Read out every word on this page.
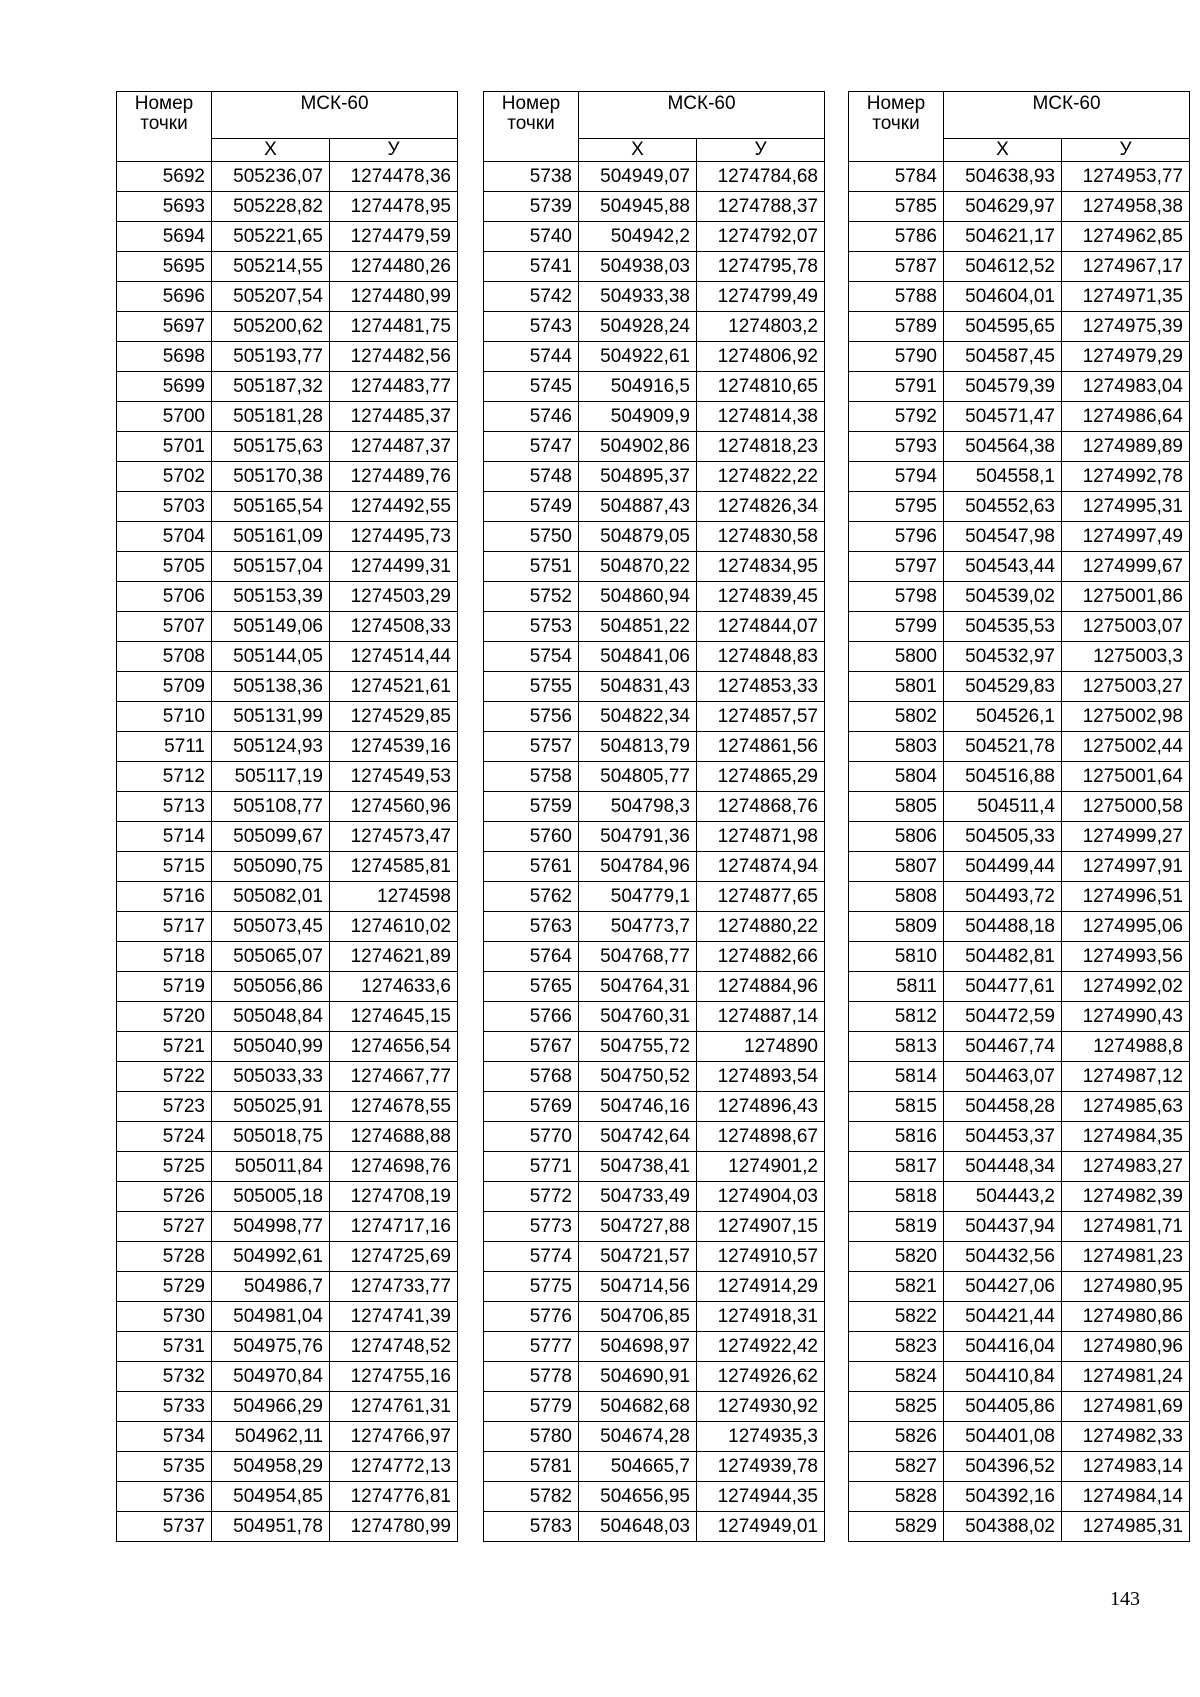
Номер точки	МСК-60	
	Х	У
5692	505236,07	1274478,36
5693	505228,82	1274478,95
5694	505221,65	1274479,59
5695	505214,55	1274480,26
5696	505207,54	1274480,99
5697	505200,62	1274481,75
5698	505193,77	1274482,56
5699	505187,32	1274483,77
5700	505181,28	1274485,37
5701	505175,63	1274487,37
5702	505170,38	1274489,76
5703	505165,54	1274492,55
5704	505161,09	1274495,73
5705	505157,04	1274499,31
5706	505153,39	1274503,29
5707	505149,06	1274508,33
5708	505144,05	1274514,44
5709	505138,36	1274521,61
5710	505131,99	1274529,85
5711	505124,93	1274539,16
5712	505117,19	1274549,53
5713	505108,77	1274560,96
5714	505099,67	1274573,47
5715	505090,75	1274585,81
5716	505082,01	1274598
5717	505073,45	1274610,02
5718	505065,07	1274621,89
5719	505056,86	1274633,6
5720	505048,84	1274645,15
5721	505040,99	1274656,54
5722	505033,33	1274667,77
5723	505025,91	1274678,55
5724	505018,75	1274688,88
5725	505011,84	1274698,76
5726	505005,18	1274708,19
5727	504998,77	1274717,16
5728	504992,61	1274725,69
5729	504986,7	1274733,77
5730	504981,04	1274741,39
5731	504975,76	1274748,52
5732	504970,84	1274755,16
5733	504966,29	1274761,31
5734	504962,11	1274766,97
5735	504958,29	1274772,13
5736	504954,85	1274776,81
5737	504951,78	1274780,99
Номер точки	МСК-60	
	Х	У
5738	504949,07	1274784,68
5739	504945,88	1274788,37
5740	504942,2	1274792,07
5741	504938,03	1274795,78
5742	504933,38	1274799,49
5743	504928,24	1274803,2
5744	504922,61	1274806,92
5745	504916,5	1274810,65
5746	504909,9	1274814,38
5747	504902,86	1274818,23
5748	504895,37	1274822,22
5749	504887,43	1274826,34
5750	504879,05	1274830,58
5751	504870,22	1274834,95
5752	504860,94	1274839,45
5753	504851,22	1274844,07
5754	504841,06	1274848,83
5755	504831,43	1274853,33
5756	504822,34	1274857,57
5757	504813,79	1274861,56
5758	504805,77	1274865,29
5759	504798,3	1274868,76
5760	504791,36	1274871,98
5761	504784,96	1274874,94
5762	504779,1	1274877,65
5763	504773,7	1274880,22
5764	504768,77	1274882,66
5765	504764,31	1274884,96
5766	504760,31	1274887,14
5767	504755,72	1274890
5768	504750,52	1274893,54
5769	504746,16	1274896,43
5770	504742,64	1274898,67
5771	504738,41	1274901,2
5772	504733,49	1274904,03
5773	504727,88	1274907,15
5774	504721,57	1274910,57
5775	504714,56	1274914,29
5776	504706,85	1274918,31
5777	504698,97	1274922,42
5778	504690,91	1274926,62
5779	504682,68	1274930,92
5780	504674,28	1274935,3
5781	504665,7	1274939,78
5782	504656,95	1274944,35
5783	504648,03	1274949,01
Номер точки	МСК-60	
	Х	У
5784	504638,93	1274953,77
5785	504629,97	1274958,38
5786	504621,17	1274962,85
5787	504612,52	1274967,17
5788	504604,01	1274971,35
5789	504595,65	1274975,39
5790	504587,45	1274979,29
5791	504579,39	1274983,04
5792	504571,47	1274986,64
5793	504564,38	1274989,89
5794	504558,1	1274992,78
5795	504552,63	1274995,31
5796	504547,98	1274997,49
5797	504543,44	1274999,67
5798	504539,02	1275001,86
5799	504535,53	1275003,07
5800	504532,97	1275003,3
5801	504529,83	1275003,27
5802	504526,1	1275002,98
5803	504521,78	1275002,44
5804	504516,88	1275001,64
5805	504511,4	1275000,58
5806	504505,33	1274999,27
5807	504499,44	1274997,91
5808	504493,72	1274996,51
5809	504488,18	1274995,06
5810	504482,81	1274993,56
5811	504477,61	1274992,02
5812	504472,59	1274990,43
5813	504467,74	1274988,8
5814	504463,07	1274987,12
5815	504458,28	1274985,63
5816	504453,37	1274984,35
5817	504448,34	1274983,27
5818	504443,2	1274982,39
5819	504437,94	1274981,71
5820	504432,56	1274981,23
5821	504427,06	1274980,95
5822	504421,44	1274980,86
5823	504416,04	1274980,96
5824	504410,84	1274981,24
5825	504405,86	1274981,69
5826	504401,08	1274982,33
5827	504396,52	1274983,14
5828	504392,16	1274984,14
5829	504388,02	1274985,31
143
